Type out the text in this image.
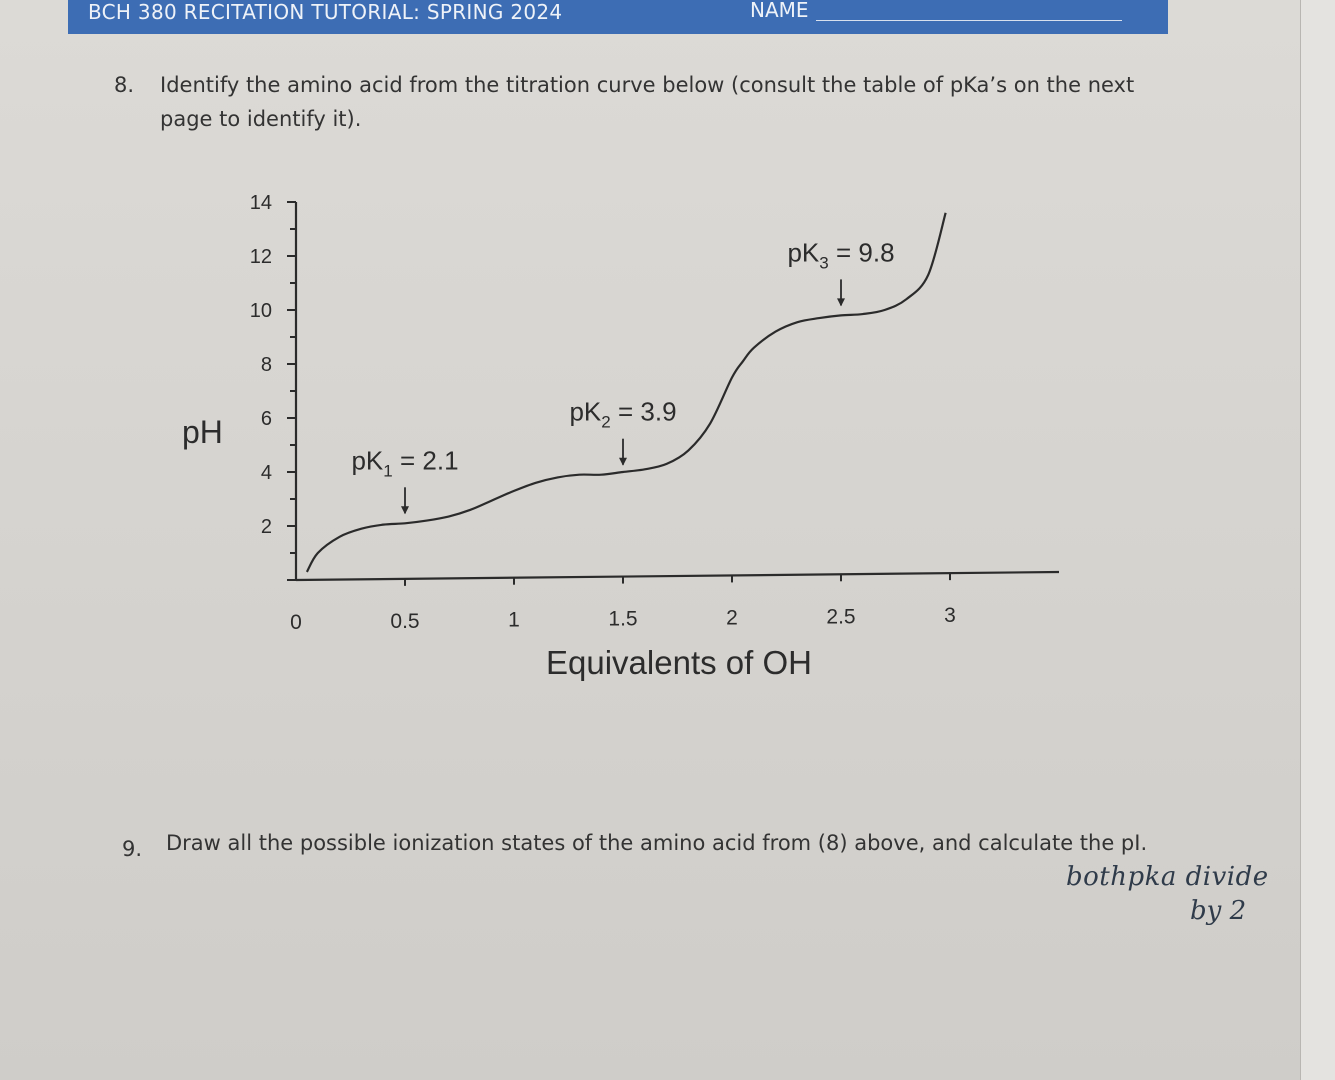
BCH 380 RECITATION TUTORIAL: SPRING 2024	NAME
8. Identify the amino acid from the titration curve below (consult the table of pKa’s on the next page to identify it).
2
4
6
8
10
12
14
0	0.5	1	1.5	2	2.5	3
$pK_1 = 2.1$
$pK_2 = 3.9$
$pK_3 = 9.8$
pH
Equivalents of OH
9. Draw all the possible ionization states of the amino acid from (8) above, and calculate the pI.
bothpka divide
by 2
